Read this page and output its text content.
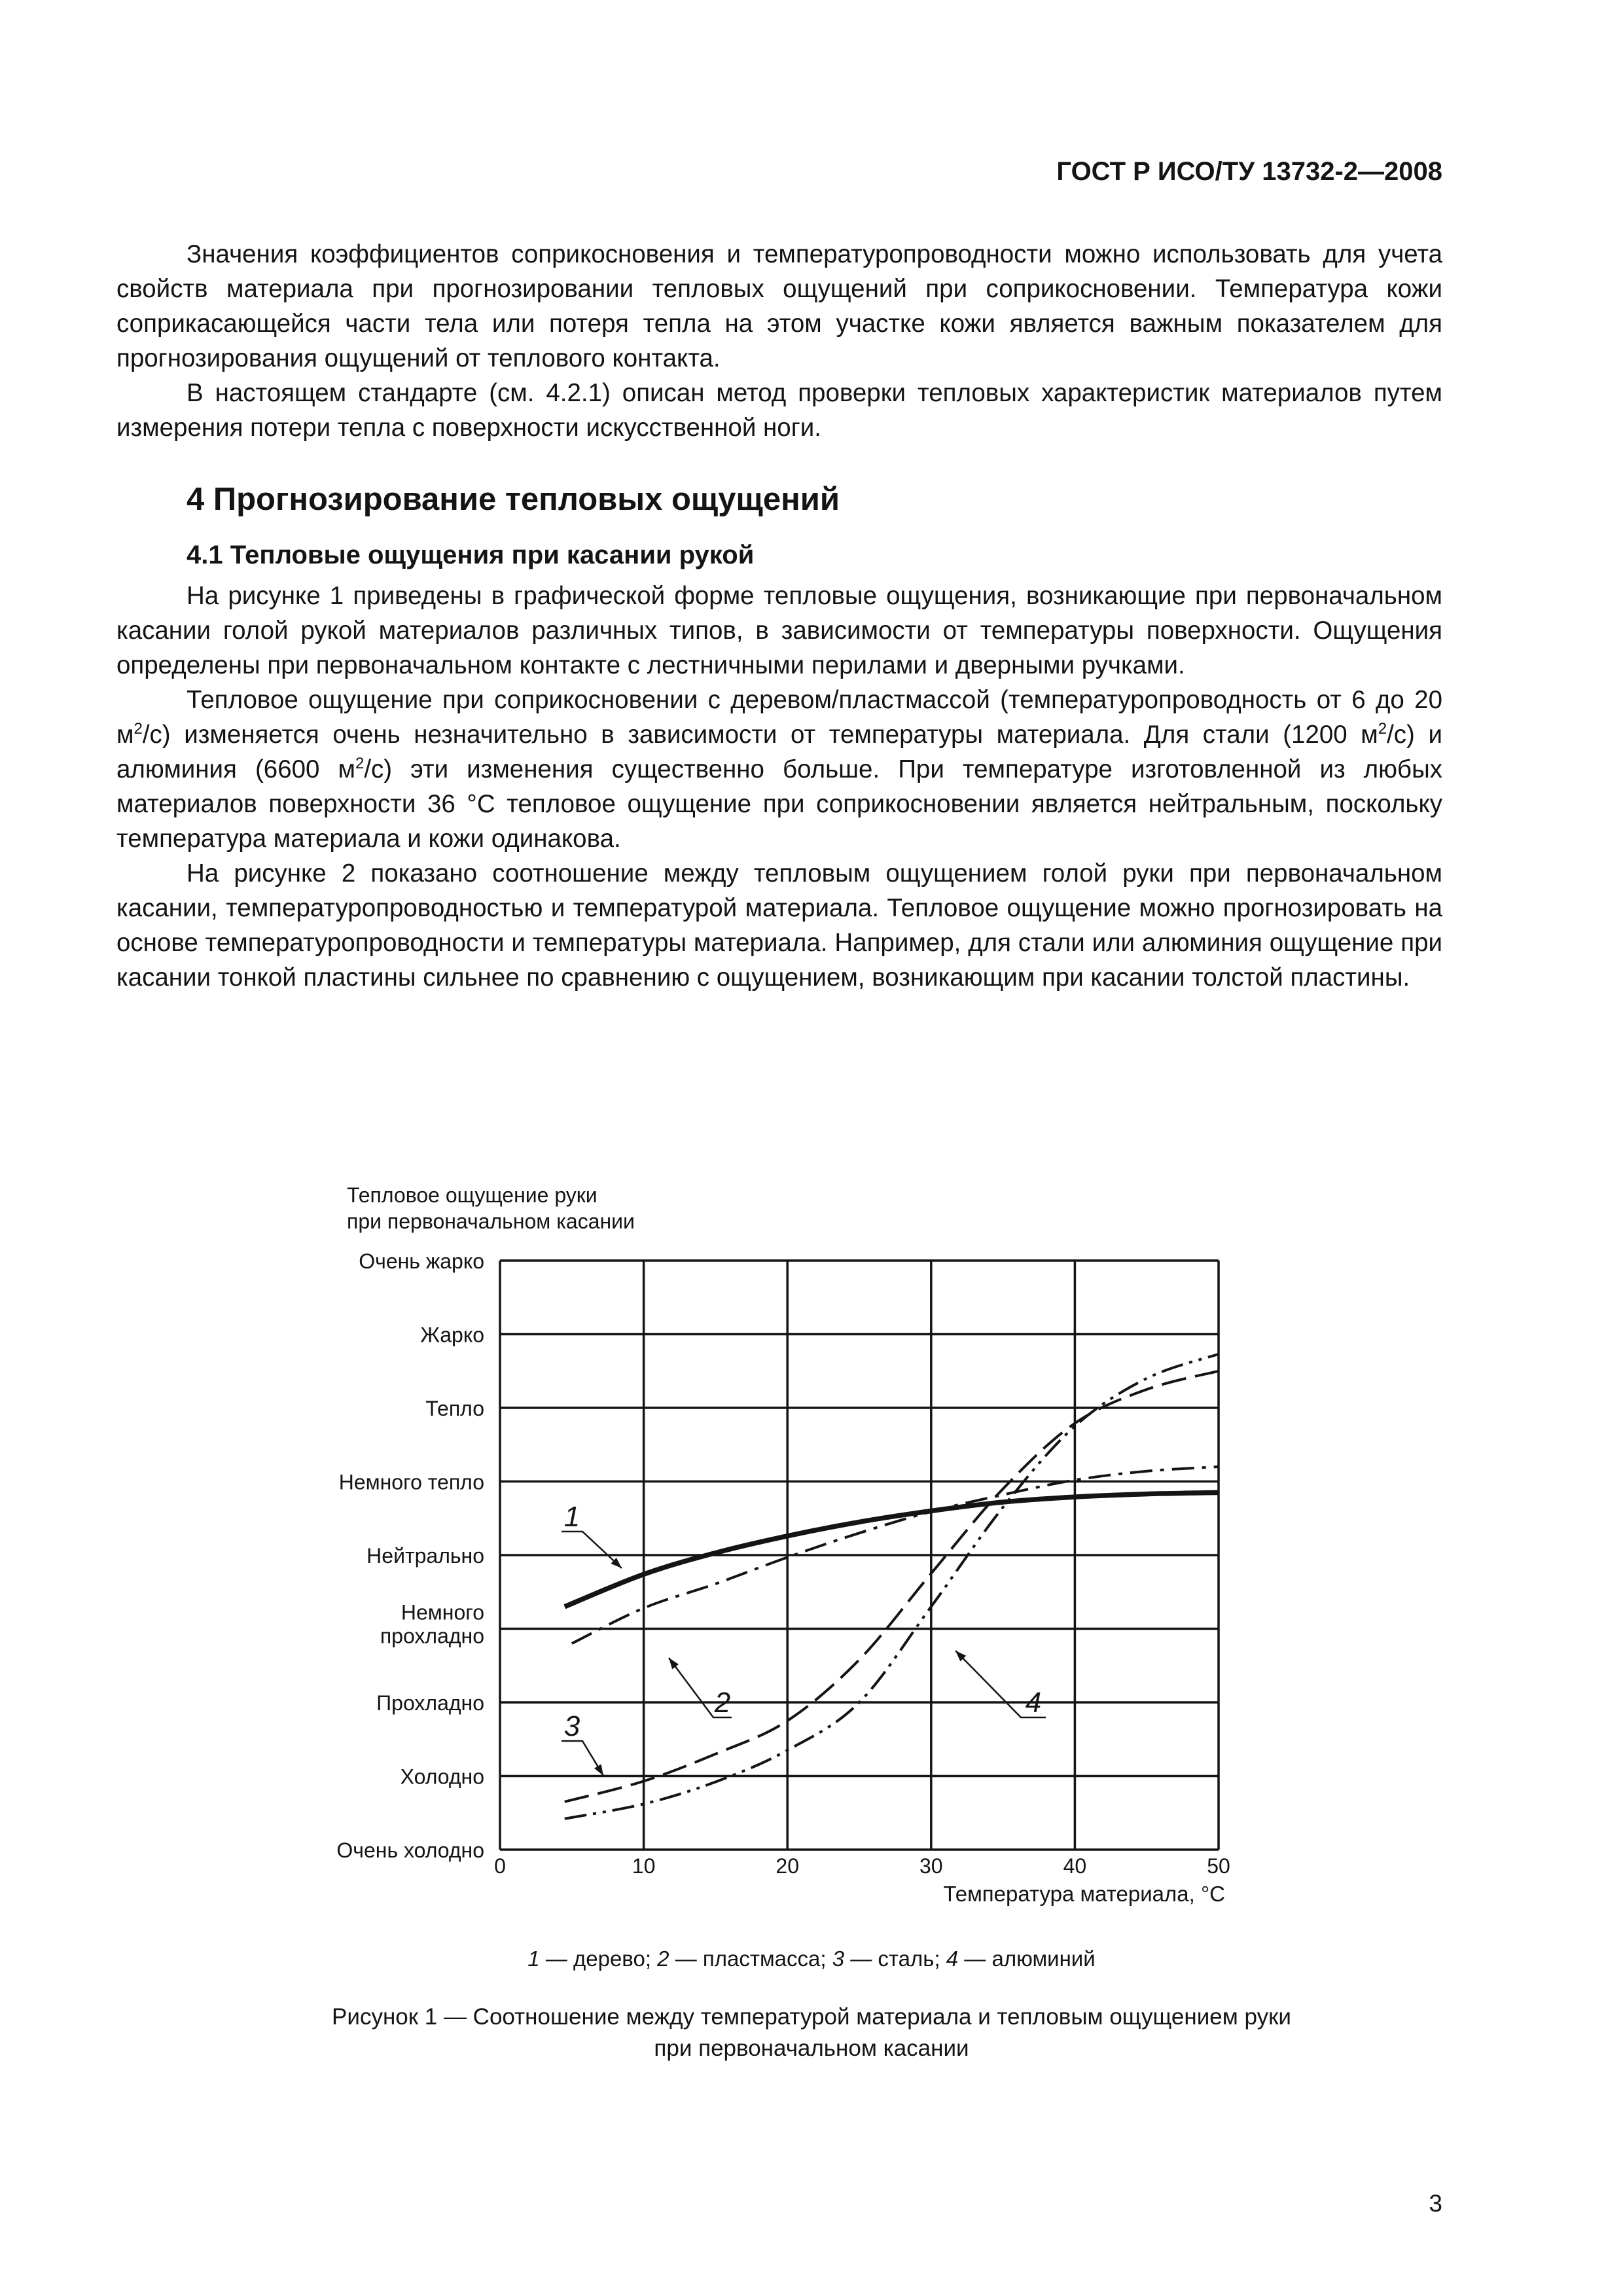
ГОСТ Р ИСО/ТУ 13732-2—2008

Значения коэффициентов соприкосновения и температуропроводности можно использовать для учета свойств материала при прогнозировании тепловых ощущений при соприкосновении. Температура кожи соприкасающейся части тела или потеря тепла на этом участке кожи является важным показателем для прогнозирования ощущений от теплового контакта.

В настоящем стандарте (см. 4.2.1) описан метод проверки тепловых характеристик материалов путем измерения потери тепла с поверхности искусственной ноги.

4 Прогнозирование тепловых ощущений
4.1 Тепловые ощущения при касании рукой

На рисунке 1 приведены в графической форме тепловые ощущения, возникающие при первоначальном касании голой рукой материалов различных типов, в зависимости от температуры поверхности. Ощущения определены при первоначальном контакте с лестничными перилами и дверными ручками.

Тепловое ощущение при соприкосновении с деревом/пластмассой (температуропроводность от 6 до 20 $м^2/с$) изменяется очень незначительно в зависимости от температуры материала. Для стали (1200 $м^2/с$) и алюминия (6600 $м^2/с$) эти изменения существенно больше. При температуре изготовленной из любых материалов поверхности 36 °С тепловое ощущение при соприкосновении является нейтральным, поскольку температура материала и кожи одинакова.

На рисунке 2 показано соотношение между тепловым ощущением голой руки при первоначальном касании, температуропроводностью и температурой материала. Тепловое ощущение можно прогнозировать на основе температуропроводности и температуры материала. Например, для стали или алюминия ощущение при касании тонкой пластины сильнее по сравнению с ощущением, возникающим при касании толстой пластины.

Тепловое ощущение руки
при первоначальном касании
Очень холодно
Холодно
Прохладно
Немного
прохладно
Нейтрально
Немного тепло
Тепло
Жарко
Очень жарко
0	10	20	30	40	50
Температура материала, °С
1
2
3
4
1 — дерево; 2 — пластмасса; 3 — сталь; 4 — алюминий
Рисунок 1 — Соотношение между температурой материала и тепловым ощущением руки
при первоначальном касании
3
